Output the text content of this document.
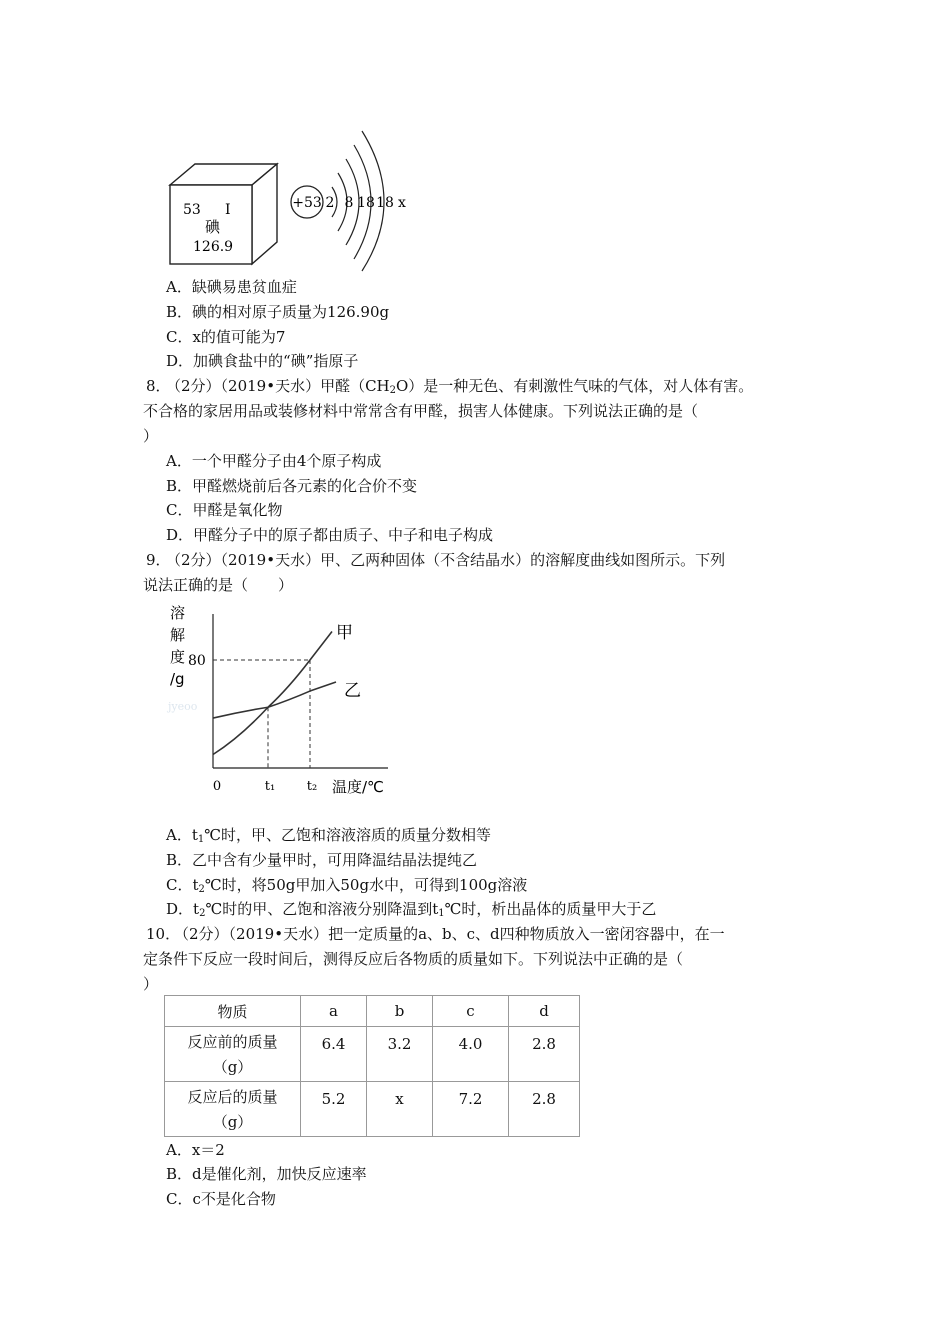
53 I
碘
126.9
+53 2 8 18 18 x
A．缺碘易患贫血症
B．碘的相对原子质量为126.90g
C．x的值可能为7
D．加碘食盐中的“碘”指原子
8．
（2分）（2019•天水）甲醛$(CH_2O)$是一种无色、有刺激性气味的气体，对人体有害。
不合格的家居用品或装修材料中常常含有甲醛，损害人体健康。下列说法正确的是（
）
A．一个甲醛分子由4个原子构成
B．甲醛燃烧前后各元素的化合价不变
C．甲醛是氧化物
D．甲醛分子中的原子都由质子、中子和电子构成
9．
（2分）（2019•天水）甲、乙两种固体（不含结晶水）的溶解度曲线如图所示。下列
说法正确的是（　　）
溶
解
度
/g
jyeoo
甲
乙
80
0	t₁ t₂ 温度/℃
A．$t_1℃$时，甲、乙饱和溶液溶质的质量分数相等
B．乙中含有少量甲时，可用降温结晶法提纯乙
C．$t_2℃$时，将50g甲加入50g水中，可得到100g溶液
D．$t_2℃$时的甲、乙饱和溶液分别降温到$t_1℃$时，析出晶体的质量甲大于乙
10．
（2分）（2019•天水）把一定质量的a、b、c、d四种物质放入一密闭容器中，在一
定条件下反应一段时间后，测得反应后各物质的质量如下。下列说法中正确的是（
）
物质	a	b	c	d

反应前的质量
（g）	6.4	3.2	4.0	2.8

反应后的质量
（g）	5.2	x	7.2	2.8
A．x＝2
B．d是催化剂，加快反应速率
C．c不是化合物
